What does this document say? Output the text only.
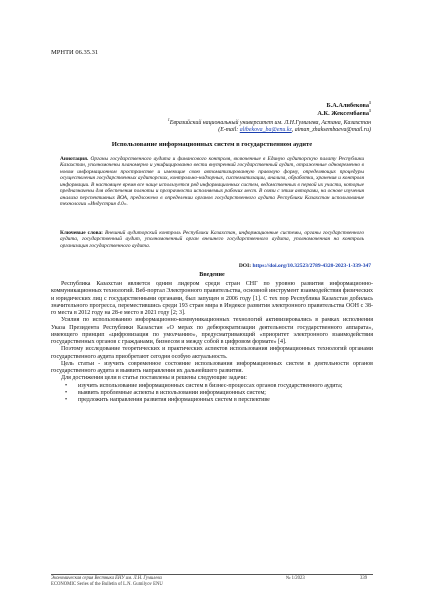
МРНТИ 06.35.31
Б.А.Алибекова$^1$
А.К. Жексембаева$^1$
$^1$Евразийский национальный университет им. Л.Н.Гумилева, Астана, Казахстан
(E-mail: alibekova_ba@enu.kz, aiman_zhaksembaeva@mail.ru)
Использование информационных систем в государственном аудите
Аннотация. Органы государственного аудита и финансового контроля, включенные в Единую аудиторскую палату Республики Казахстан, уполномочены планомерно и унифицированно вести внутренний государственный аудит, отраженные одновременно в новом информационном пространстве и имеющие свою автоматизированную правовую форму, определяющих процедуры осуществления государственных аудиторских, контрольно-надзорных, систематизации, анализа, обработки, хранения и контроля информации. В настоящее время все чаще используется ряд информационных систем, ведомственных в первой их участи, которые предназначены для обеспечения полноты и прозрачности исполняемых рабочих мест. В связи с этим авторами, на основе изучения анализа перспективных ВОА, предложено в определении органов государственного аудита Республики Казахстан использование технологии «Индустрия 4.0».
Ключевые слова: Внешний аудиторский контроль Республики Казахстан, информационные системы, органы государственного аудита, государственный аудит, уполномоченный орган внешнего государственного аудита, уполномоченная на контроль организация государственного аудита.
DOI: https://doi.org/10.32523/2789-4320-2023-1-339-347
Введение

Республика Казахстан является одним лидером среди стран СНГ по уровню развития информационно-коммуникационных технологий. Веб-портал Электронного правительства, основной инструмент взаимодействия физических и юридических лиц с государственными органами, был запущен в 2006 году [1]. С тех пор Республика Казахстан добилась значительного прогресса, переместившись среди 193 стран мира в Индексе развития электронного правительства ООН с 38-го места в 2012 году на 28-е место в 2021 году [2; 3].

Усилия по использованию информационно-коммуникационных технологий активизировались в рамках исполнения Указа Президента Республики Казахстан «О мерах по дебюрократизации деятельности государственного аппарата», имеющего принцип «цифровизация по умолчанию», предусматривающий «приоритет электронного взаимодействия государственных органов с гражданами, бизнесом и между собой в цифровом формате» [4].

Поэтому исследование теоретических и практических аспектов использования информационных технологий органами государственного аудита приобретают сегодня особую актуальность.

Цель статьи - изучить современное состояние использования информационных систем в деятельности органов государственного аудита и выявить направления их дальнейшего развития.

Для достижения цели в статье поставлены и решены следующие задачи:

• изучить использование информационных систем в бизнес-процессах органов государственного аудита;
• выявить проблемные аспекты в использовании информационных систем;
• предложить направления развития информационных систем в перспективе
Экономическая серия Вестника ЕНУ им. Л.Н. Гумилева
ECONOMIC Series of the Bulletin of L.N. Gumilyov ENU
№ 1/2023	339
